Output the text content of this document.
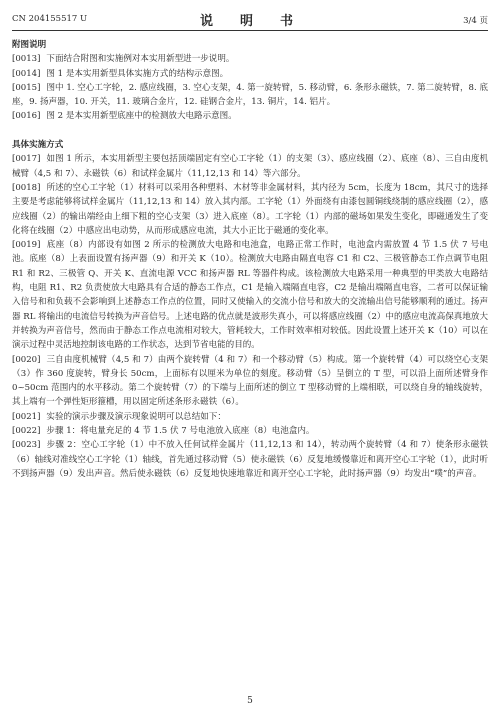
CN 204155517 U	说　明　书	3/4 页

附图说明

[0013] 下面结合附图和实施例对本实用新型进一步说明。

[0014] 图 1 是本实用新型具体实施方式的结构示意图。

[0015] 图中 1. 空心工字轮，2. 感应线圈，3. 空心支架，4. 第一旋转臂，5. 移动臂，6. 条形永磁铁，7. 第二旋转臂，8. 底座，9. 扬声器，10. 开关，11. 玻璃合金片，12. 硅钢合金片，13. 铜片，14. 铝片。

[0016] 图 2 是本实用新型底座中的检测放大电路示意图。

具体实施方式

[0017] 如图 1 所示，本实用新型主要包括顶端固定有空心工字轮（1）的支架（3）、感应线圈（2）、底座（8）、三自由度机械臂（4,5 和 7）、永磁铁（6）和试样金属片（11,12,13 和 14）等六部分。

[0018] 所述的空心工字轮（1）材料可以采用各种塑料、木材等非金属材料，其内径为 5cm，长度为 18cm，其尺寸的选择主要是考虑能够将试样金属片（11,12,13 和 14）放入其内部。工字轮（1）外面绕有由漆包圆铜线绕制的感应线圈（2），感应线圈（2）的输出端经由上细下粗的空心支架（3）进入底座（8）。工字轮（1）内部的磁场如果发生变化，即磁通发生了变化将在线圈（2）中感应出电动势，从而形成感应电流，其大小正比于磁通的变化率。

[0019] 底座（8）内部设有如图 2 所示的检测放大电路和电池盒，电路正常工作时，电池盒内需放置 4 节 1.5 伏 7 号电池。底座（8）上表面设置有扬声器（9）和开关 K（10）。检测放大电路由隔直电容 C1 和 C2、三极管静态工作点调节电阻 R1 和 R2、三极管 Q、开关 K、直流电源 VCC 和扬声器 RL 等器件构成。该检测放大电路采用一种典型的甲类放大电路结构，电阻 R1、R2 负责使放大电路具有合适的静态工作点，C1 是输入端隔直电容，C2 是输出端隔直电容，二者可以保证输入信号和和负载不会影响到上述静态工作点的位置，同时又使输入的交流小信号和放大的交流输出信号能够顺利的通过。扬声器 RL 将输出的电流信号转换为声音信号。上述电路的优点就是波形失真小，可以将感应线圈（2）中的感应电流高保真地放大并转换为声音信号，然而由于静态工作点电流相对较大，管耗较大，工作时效率相对较低。因此设置上述开关 K（10）可以在演示过程中灵活地控制该电路的工作状态，达到节省电能的目的。

[0020] 三自由度机械臂（4,5 和 7）由两个旋转臂（4 和 7）和一个移动臂（5）构成。第一个旋转臂（4）可以绕空心支架（3）作 360 度旋转，臂身长 50cm，上面标有以厘米为单位的刻度。移动臂（5）呈倒立的 T 型，可以沿上面所述臂身作 0~50cm 范围内的水平移动。第二个旋转臂（7）的下端与上面所述的倒立 T 型移动臂的上端相联，可以绕自身的轴线旋转，其上端有一个弹性矩形箍槽，用以固定所述条形永磁铁（6）。

[0021] 实验的演示步骤及演示现象说明可以总结如下：

[0022] 步骤 1：将电量充足的 4 节 1.5 伏 7 号电池放入底座（8）电池盒内。

[0023] 步骤 2：空心工字轮（1）中不放入任何试样金属片（11,12,13 和 14），转动两个旋转臂（4 和 7）使条形永磁铁（6）轴线对准线空心工字轮（1）轴线，首先通过移动臂（5）使永磁铁（6）反复地缓慢靠近和离开空心工字轮（1），此时听不到扬声器（9）发出声音。然后使永磁铁（6）反复地快速地靠近和离开空心工字轮，此时扬声器（9）均发出“噗”的声音。

5
